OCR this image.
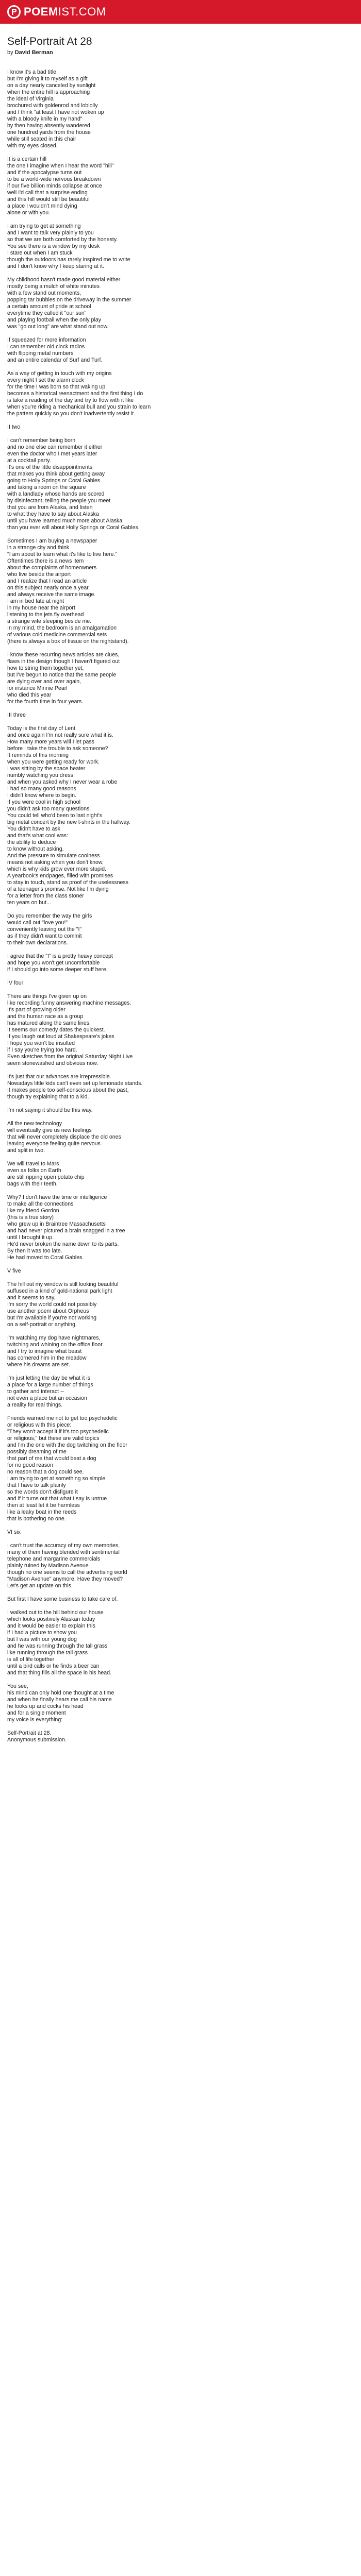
POEM IST.COM
Self-Portrait At 28
by David Berman
I know it's a bad title
but I'm giving it to myself as a gift
on a day nearly canceled by sunlight
when the entire hill is approaching
the ideal of Virginia
brochured with goldenrod and loblolly
and I think "at least I have not woken up
with a bloody knife in my hand"
by then having absently wandered
one hundred yards from the house
while still seated in this chair
with my eyes closed.
It is a certain hill
the one I imagine when I hear the word "hill"
and if the apocalypse turns out
to be a world-wide nervous breakdown
if our five billion minds collapse at once
well I'd call that a surprise ending
and this hill would still be beautiful
a place I wouldn't mind dying
alone or with you.
I am trying to get at something
and I want to talk very plainly to you
so that we are both comforted by the honesty.
You see there is a window by my desk
I stare out when I am stuck
though the outdoors has rarely inspired me to write
and I don't know why I keep staring at it.
My childhood hasn't made good material either
mostly being a mulch of white minutes
with a few stand out moments,
popping tar bubbles on the driveway in the summer
a certain amount of pride at school
everytime they called it "our sun"
and playing football when the only play
was "go out long" are what stand out now.
If squeezed for more information
I can remember old clock radios
with flipping metal numbers
and an entire calendar of Surf and Turf.
As a way of getting in touch with my origins
every night I set the alarm clock
for the time I was born so that waking up
becomes a historical reenactment and the first thing I do
is take a reading of the day and try to flow with it like
when you're riding a mechanical bull and you strain to learn
the pattern quickly so you don't inadvertently resist it.
II two
I can't remember being born
and no one else can remember it either
even the doctor who I met years later
at a cocktail party.
It's one of the little disappointments
that makes you think about getting away
going to Holly Springs or Coral Gables
and taking a room on the square
with a landlady whose hands are scored
by disinfectant, telling the people you meet
that you are from Alaska, and listen
to what they have to say about Alaska
until you have learned much more about Alaska
than you ever will about Holly Springs or Coral Gables.
Sometimes I am buying a newspaper
in a strange city and think
"I am about to learn what it's like to live here."
Oftentimes there is a news item
about the complaints of homeowners
who live beside the airport
and I realize that I read an article
on this subject nearly once a year
and always receive the same image.
I am in bed late at night
in my house near the airport
listening to the jets fly overhead
a strange wife sleeping beside me.
In my mind, the bedroom is an amalgamation
of various cold medicine commercial sets
(there is always a box of tissue on the nightstand).
I know these recurring news articles are clues,
flaws in the design though I haven't figured out
how to string them together yet,
but I've begun to notice that the same people
are dying over and over again,
for instance Minnie Pearl
who died this year
for the fourth time in four years.
III three
Today is the first day of Lent
and once again I'm not really sure what it is.
How many more years will I let pass
before I take the trouble to ask someone?
It reminds of this morning
when you were getting ready for work.
I was sitting by the space heater
numbly watching you dress
and when you asked why I never wear a robe
I had so many good reasons
I didn't know where to begin.
If you were cool in high school
you didn't ask too many questions.
You could tell who'd been to last night's
big metal concert by the new t-shirts in the hallway.
You didn't have to ask
and that's what cool was:
the ability to deduce
to know without asking.
And the pressure to simulate coolness
means not asking when you don't know,
which is why kids grow ever more stupid.
A yearbook's endpages, filled with promises
to stay in touch, stand as proof of the uselessness
of a teenager's promise. Not like I'm dying
for a letter from the class stoner
ten years on but...
Do you remember the way the girls
would call out "love you!"
conveniently leaving out the "I"
as if they didn't want to commit
to their own declarations.
I agree that the "I" is a pretty heavy concept
and hope you won't get uncomfortable
if I should go into some deeper stuff here.
IV four
There are things I've given up on
like recording funny answering machine messages.
It's part of growing older
and the human race as a group
has matured along the same lines.
It seems our comedy dates the quickest.
If you laugh out loud at Shakespeare's jokes
I hope you won't be insulted
if I say you're trying too hard.
Even sketches from the original Saturday Night Live
seem stonewashed and obvious now.
It's just that our advances are irrepressible.
Nowadays little kids can't even set up lemonade stands.
It makes people too self-conscious about the past,
though try explaining that to a kid.
I'm not saying it should be this way.
All the new technology
will eventually give us new feelings
that will never completely displace the old ones
leaving everyone feeling quite nervous
and split in two.
We will travel to Mars
even as folks on Earth
are still ripping open potato chip
bags with their teeth.
Why? I don't have the time or intelligence
to make all the connections
like my friend Gordon
(this is a true story)
who grew up in Braintree Massachusetts
and had never pictured a brain snagged in a tree
until I brought it up.
He'd never broken the name down to its parts.
By then it was too late.
He had moved to Coral Gables.
V five
The hill out my window is still looking beautiful
suffused in a kind of gold-national park light
and it seems to say,
I'm sorry the world could not possibly
use another poem about Orpheus
but I'm available if you're not working
on a self-portrait or anything.
I'm watching my dog have nightmares,
twitching and whining on the office floor
and I try to imagine what beast
has cornered him in the meadow
where his dreams are set.
I'm just letting the day be what it is:
a place for a large number of things
to gather and interact --
not even a place but an occasion
a reality for real things.
Friends warned me not to get too psychedelic
or religious with this piece:
"They won't accept it if it's too psychedelic
or religious," but these are valid topics
and I'm the one with the dog twitching on the floor
possibly dreaming of me
that part of me that would beat a dog
for no good reason
no reason that a dog could see.
I am trying to get at something so simple
that I have to talk plainly
so the words don't disfigure it
and if it turns out that what I say is untrue
then at least let it be harmless
like a leaky boat in the reeds
that is bothering no one.
VI six
I can't trust the accuracy of my own memories,
many of them having blended with sentimental
telephone and margarine commercials
plainly ruined by Madison Avenue
though no one seems to call the advertising world
"Madison Avenue" anymore. Have they moved?
Let's get an update on this.
But first I have some business to take care of.
I walked out to the hill behind our house
which looks positively Alaskan today
and it would be easier to explain this
if I had a picture to show you
but I was with our young dog
and he was running through the tall grass
like running through the tall grass
is all of life together
until a bird calls or he finds a beer can
and that thing fills all the space in his head.
You see,
his mind can only hold one thought at a time
and when he finally hears me call his name
he looks up and cocks his head
and for a single moment
my voice is everything:
Self-Portrait at 28.
Anonymous submission.
